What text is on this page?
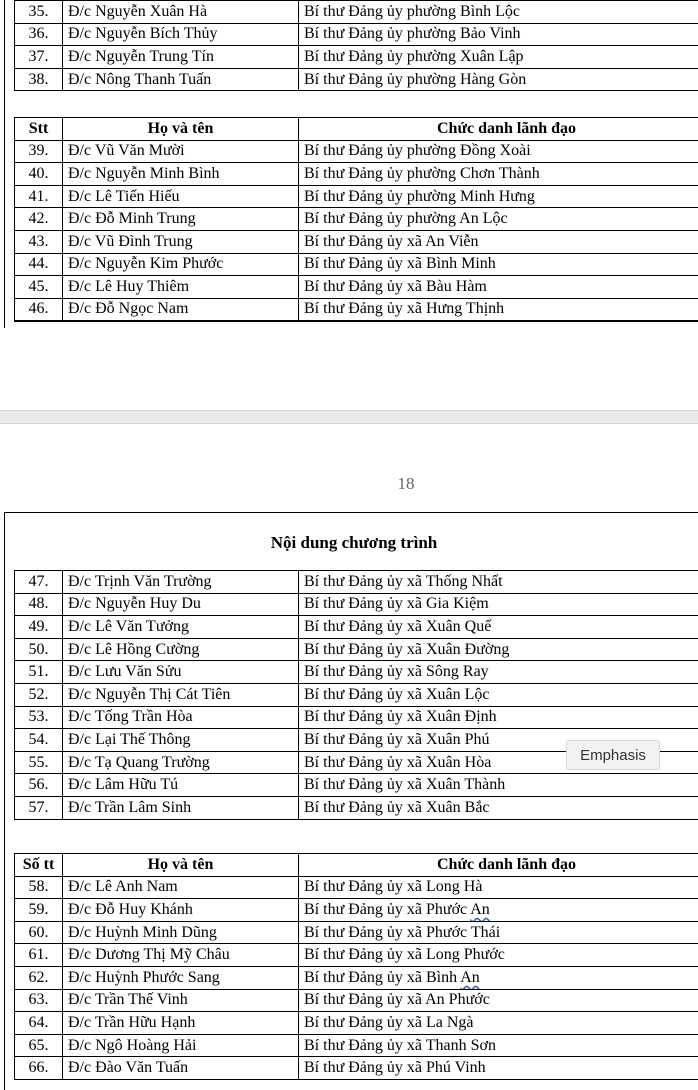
35.	Đ/c Nguyễn Xuân Hà	Bí thư Đảng ủy phường Bình Lộc
36.	Đ/c Nguyễn Bích Thủy	Bí thư Đảng ủy phường Bảo Vinh
37.	Đ/c Nguyễn Trung Tín	Bí thư Đảng ủy phường Xuân Lập
38.	Đ/c Nông Thanh Tuấn	Bí thư Đảng ủy phường Hàng Gòn
Stt	Họ và tên	Chức danh lãnh đạo
39.	Đ/c Vũ Văn Mười	Bí thư Đảng ủy phường Đồng Xoài
40.	Đ/c Nguyễn Minh Bình	Bí thư Đảng ủy phường Chơn Thành
41.	Đ/c Lê Tiến Hiếu	Bí thư Đảng ủy phường Minh Hưng
42.	Đ/c Đỗ Minh Trung	Bí thư Đảng ủy phường An Lộc
43.	Đ/c Vũ Đình Trung	Bí thư Đảng ủy xã An Viễn
44.	Đ/c Nguyễn Kim Phước	Bí thư Đảng ủy xã Bình Minh
45.	Đ/c Lê Huy Thiêm	Bí thư Đảng ủy xã Bàu Hàm
46.	Đ/c Đỗ Ngọc Nam	Bí thư Đảng ủy xã Hưng Thịnh
18
Nội dung chương trình
47.	Đ/c Trịnh Văn Trường	Bí thư Đảng ủy xã Thống Nhất
48.	Đ/c Nguyễn Huy Du	Bí thư Đảng ủy xã Gia Kiệm
49.	Đ/c Lê Văn Tưởng	Bí thư Đảng ủy xã Xuân Quế
50.	Đ/c Lê Hồng Cường	Bí thư Đảng ủy xã Xuân Đường
51.	Đ/c Lưu Văn Sửu	Bí thư Đảng ủy xã Sông Ray
52.	Đ/c Nguyễn Thị Cát Tiên	Bí thư Đảng ủy xã Xuân Lộc
53.	Đ/c Tống Trần Hòa	Bí thư Đảng ủy xã Xuân Định
54.	Đ/c Lại Thế Thông	Bí thư Đảng ủy xã Xuân Phú
55.	Đ/c Tạ Quang Trường	Bí thư Đảng ủy xã Xuân Hòa
56.	Đ/c Lâm Hữu Tú	Bí thư Đảng ủy xã Xuân Thành
57.	Đ/c Trần Lâm Sinh	Bí thư Đảng ủy xã Xuân Bắc
Số tt	Họ và tên	Chức danh lãnh đạo
58.	Đ/c Lê Anh Nam	Bí thư Đảng ủy xã Long Hà
59.	Đ/c Đỗ Huy Khánh	Bí thư Đảng ủy xã Phước An
60.	Đ/c Huỳnh Minh Dũng	Bí thư Đảng ủy xã Phước Thái
61.	Đ/c Dương Thị Mỹ Châu	Bí thư Đảng ủy xã Long Phước
62.	Đ/c Huỳnh Phước Sang	Bí thư Đảng ủy xã Bình An
63.	Đ/c Trần Thế Vinh	Bí thư Đảng ủy xã An Phước
64.	Đ/c Trần Hữu Hạnh	Bí thư Đảng ủy xã La Ngà
65.	Đ/c Ngô Hoàng Hải	Bí thư Đảng ủy xã Thanh Sơn
66.	Đ/c Đào Văn Tuấn	Bí thư Đảng ủy xã Phú Vinh
Emphasis
